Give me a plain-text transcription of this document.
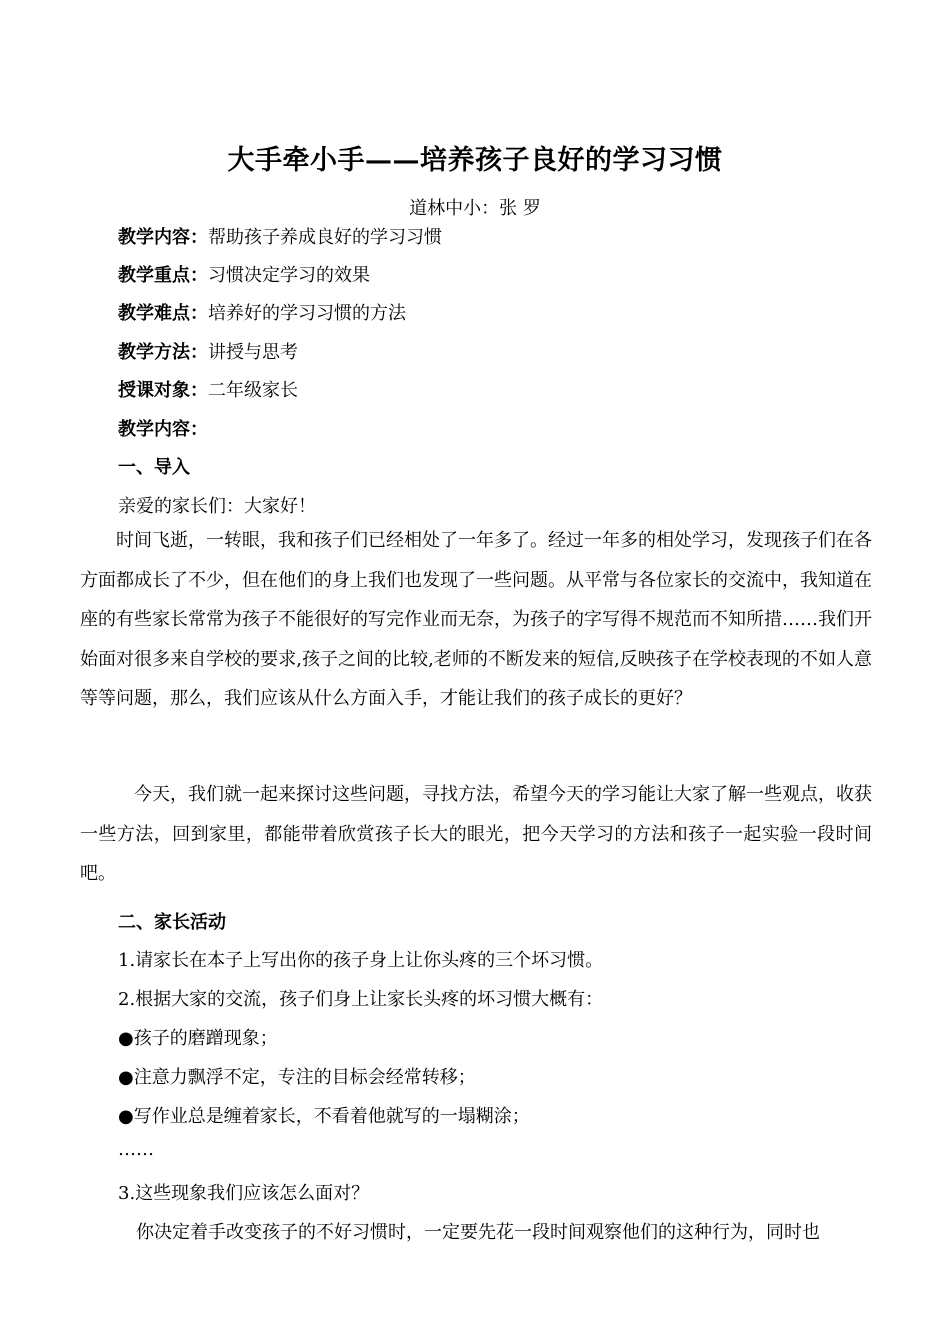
大手牵小手——培养孩子良好的学习习惯
道林中小：张 罗
教学内容：帮助孩子养成良好的学习习惯
教学重点：习惯决定学习的效果
教学难点：培养好的学习习惯的方法
教学方法：讲授与思考
授课对象：二年级家长
教学内容：
一、导入
亲爱的家长们：大家好！
时间飞逝，一转眼，我和孩子们已经相处了一年多了。经过一年多的相处学习，发现孩子们在各方面都成长了不少，但在他们的身上我们也发现了一些问题。从平常与各位家长的交流中，我知道在座的有些家长常常为孩子不能很好的写完作业而无奈，为孩子的字写得不规范而不知所措……我们开始面对很多来自学校的要求,孩子之间的比较,老师的不断发来的短信,反映孩子在学校表现的不如人意等等问题，那么，我们应该从什么方面入手，才能让我们的孩子成长的更好？
今天，我们就一起来探讨这些问题，寻找方法，希望今天的学习能让大家了解一些观点，收获一些方法，回到家里，都能带着欣赏孩子长大的眼光，把今天学习的方法和孩子一起实验一段时间吧。
二、家长活动
1.请家长在本子上写出你的孩子身上让你头疼的三个坏习惯。
2.根据大家的交流，孩子们身上让家长头疼的坏习惯大概有：
●孩子的磨蹭现象；
●注意力飘浮不定，专注的目标会经常转移；
●写作业总是缠着家长，不看着他就写的一塌糊涂；
……
3.这些现象我们应该怎么面对？
你决定着手改变孩子的不好习惯时，一定要先花一段时间观察他们的这种行为，同时也
